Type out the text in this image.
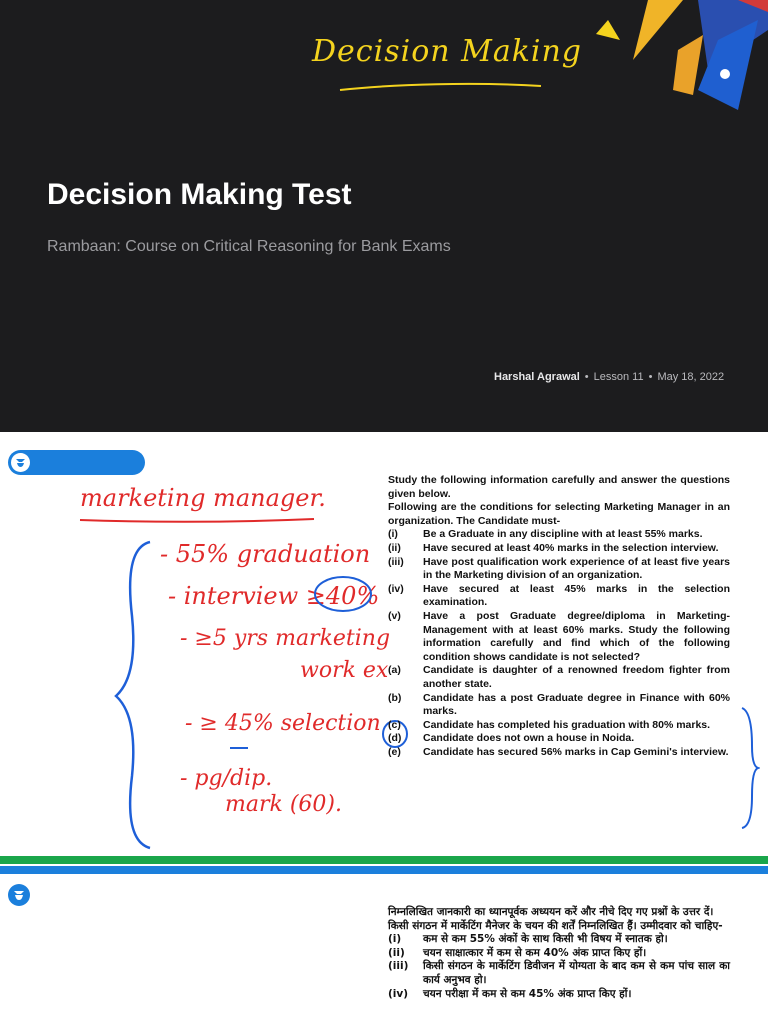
Decision Making
Decision Making Test
Rambaan: Course on Critical Reasoning for Bank Exams
Harshal Agrawal • Lesson 11 • May 18, 2022
marketing manager.
- 55% graduation
- interview ≥40%
- ≥5 yrs marketing
work ex
- ≥ 45% selection
- pg/dip.
mark (60).

Study the following information carefully and answer the questions given below.

Following are the conditions for selecting Marketing Manager in an organization. The Candidate must-

(i)	Be a Graduate in any discipline with at least 55% marks.
(ii)	Have secured at least 40% marks in the selection interview.
(iii)	Have post qualification work experience of at least five years in the Marketing division of an organization.
(iv)	Have secured at least 45% marks in the selection examination.
(v)	Have a post Graduate degree/diploma in Marketing-Management with at least 60% marks. Study the following information carefully and find which of the following condition shows candidate is not selected?
(a)	Candidate is daughter of a renowned freedom fighter from another state.
(b)	Candidate has a post Graduate degree in Finance with 60% marks.
(c)	Candidate has completed his graduation with 80% marks.
(d)	Candidate does not own a house in Noida.
(e)	Candidate has secured 56% marks in Cap Gemini's interview.

निम्नलिखित जानकारी का ध्यानपूर्वक अध्ययन करें और नीचे दिए गए प्रश्नों के उत्तर दें।

किसी संगठन में मार्केटिंग मैनेजर के चयन की शर्तें निम्नलिखित हैं। उम्मीदवार को चाहिए-

(i)	कम से कम 55% अंकों के साथ किसी भी विषय में स्नातक हो।
(ii)	चयन साक्षात्कार में कम से कम 40% अंक प्राप्त किए हों।
(iii)	किसी संगठन के मार्केटिंग डिवीजन में योग्यता के बाद कम से कम पांच साल का कार्य अनुभव हो।
(iv)	चयन परीक्षा में कम से कम 45% अंक प्राप्त किए हों।
